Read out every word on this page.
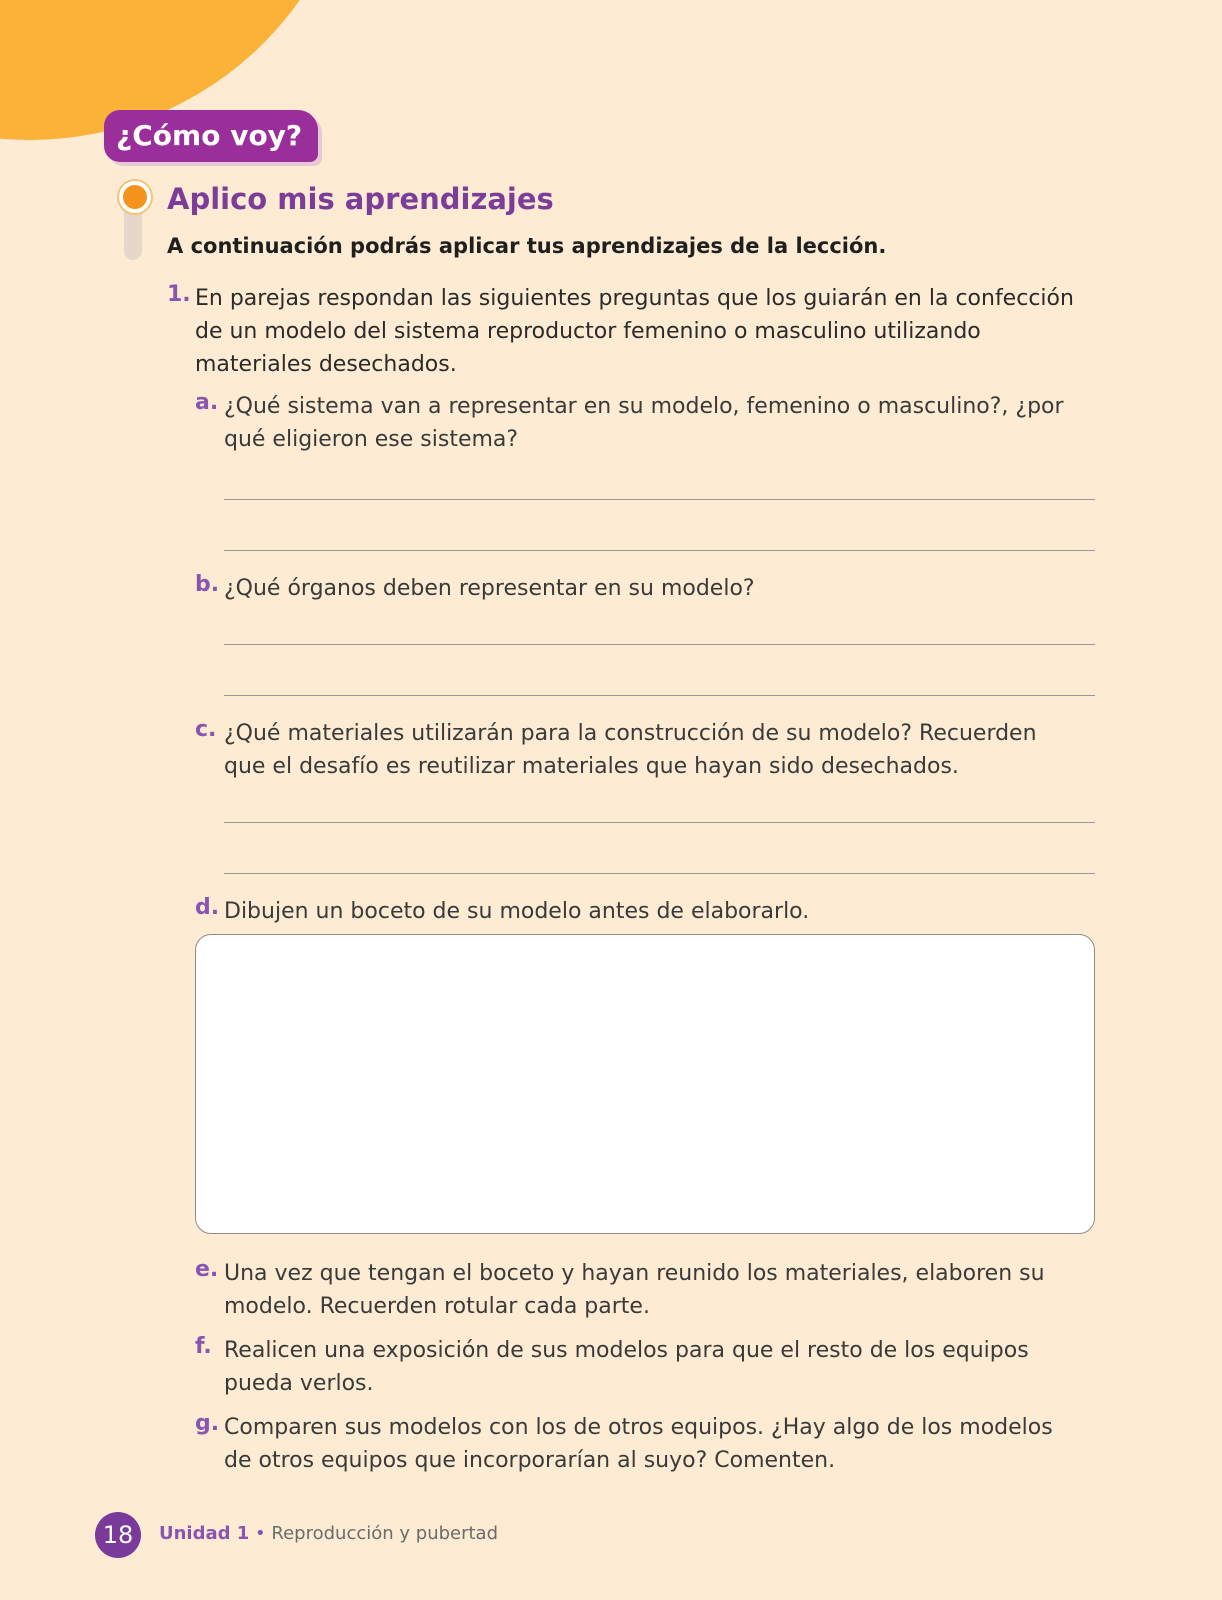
¿Cómo voy?
Aplico mis aprendizajes
A continuación podrás aplicar tus aprendizajes de la lección.
1. En parejas respondan las siguientes preguntas que los guiarán en la confección de un modelo del sistema reproductor femenino o masculino utilizando materiales desechados.
a. ¿Qué sistema van a representar en su modelo, femenino o masculino?, ¿por qué eligieron ese sistema?
b. ¿Qué órganos deben representar en su modelo?
c. ¿Qué materiales utilizarán para la construcción de su modelo? Recuerden que el desafío es reutilizar materiales que hayan sido desechados.
d. Dibujen un boceto de su modelo antes de elaborarlo.
e. Una vez que tengan el boceto y hayan reunido los materiales, elaboren su modelo. Recuerden rotular cada parte.
f. Realicen una exposición de sus modelos para que el resto de los equipos pueda verlos.
g. Comparen sus modelos con los de otros equipos. ¿Hay algo de los modelos de otros equipos que incorporarían al suyo? Comenten.
18	Unidad 1 • Reproducción y pubertad
